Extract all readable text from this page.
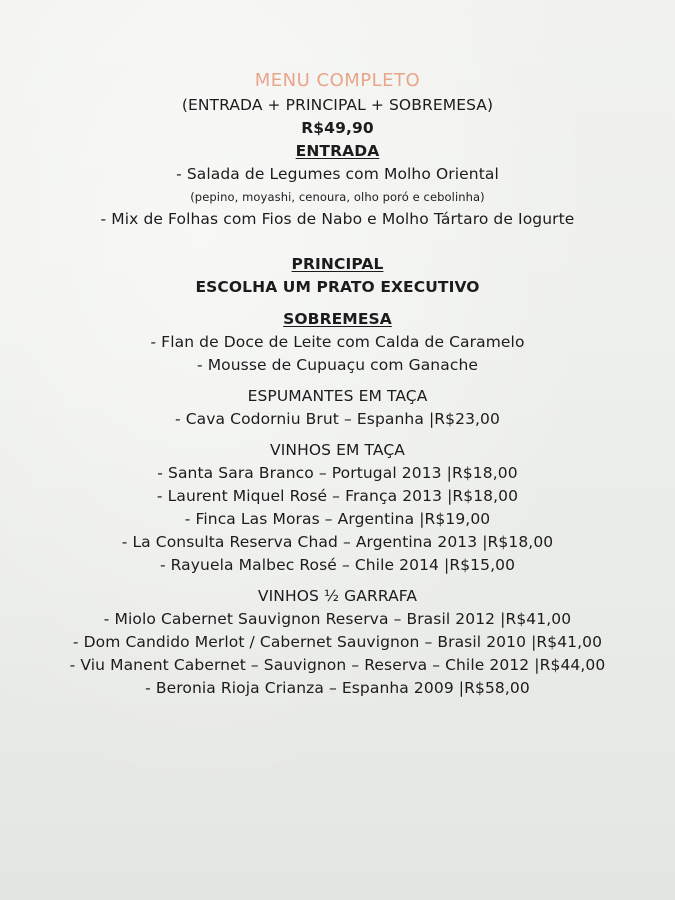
MENU COMPLETO
(ENTRADA + PRINCIPAL + SOBREMESA)
R$49,90
ENTRADA
- Salada de Legumes com Molho Oriental
(pepino, moyashi, cenoura, olho poró e cebolinha)
- Mix de Folhas com Fios de Nabo e Molho Tártaro de Iogurte
PRINCIPAL
ESCOLHA UM PRATO EXECUTIVO
SOBREMESA
- Flan de Doce de Leite com Calda de Caramelo
- Mousse de Cupuaçu com Ganache
ESPUMANTES EM TAÇA
- Cava Codorniu Brut – Espanha |R$23,00
VINHOS EM TAÇA
- Santa Sara Branco – Portugal 2013 |R$18,00
- Laurent Miquel Rosé – França 2013 |R$18,00
- Finca Las Moras – Argentina |R$19,00
- La Consulta Reserva Chad – Argentina 2013 |R$18,00
- Rayuela Malbec Rosé – Chile 2014 |R$15,00
VINHOS ½ GARRAFA
- Miolo Cabernet Sauvignon Reserva – Brasil 2012 |R$41,00
- Dom Candido Merlot / Cabernet Sauvignon – Brasil 2010 |R$41,00
- Viu Manent Cabernet – Sauvignon – Reserva – Chile 2012 |R$44,00
- Beronia Rioja Crianza – Espanha 2009 |R$58,00
